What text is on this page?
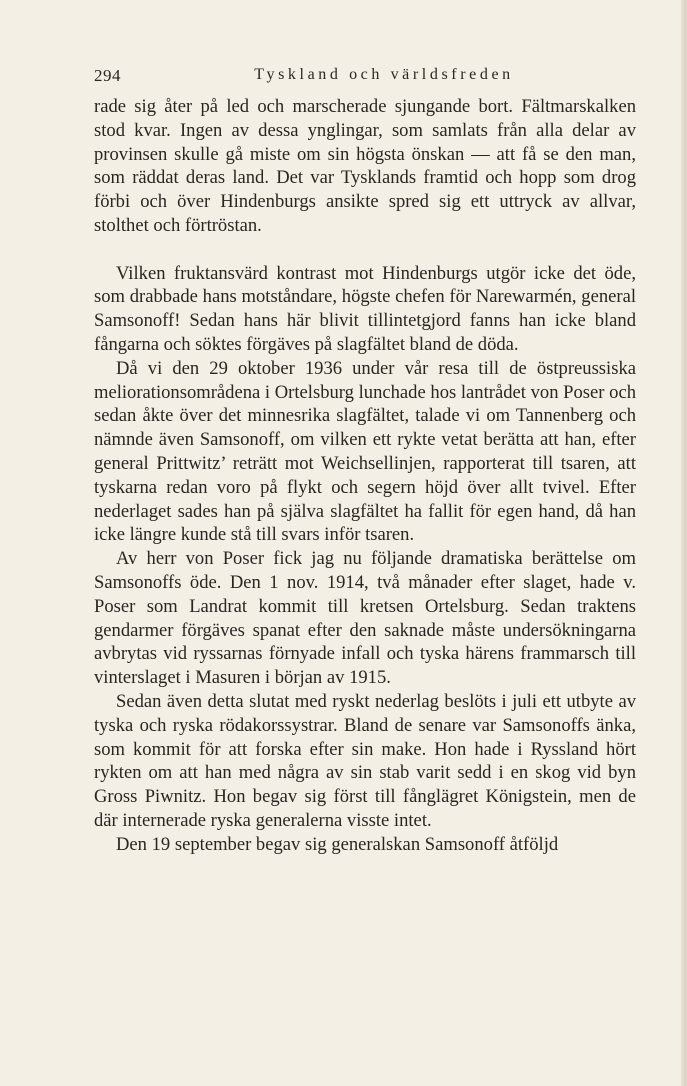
294	Tyskland och världsfreden

rade sig åter på led och marscherade sjungande bort. Fältmarskalken stod kvar. Ingen av dessa ynglingar, som samlats från alla delar av provinsen skulle gå miste om sin högsta önskan — att få se den man, som räddat deras land. Det var Tysklands framtid och hopp som drog förbi och över Hindenburgs ansikte spred sig ett uttryck av allvar, stolthet och förtröstan.

Vilken fruktansvärd kontrast mot Hindenburgs utgör icke det öde, som drabbade hans motståndare, högste chefen för Narewarmén, general Samsonoff! Sedan hans här blivit tillintetgjord fanns han icke bland fångarna och söktes förgäves på slagfältet bland de döda.

Då vi den 29 oktober 1936 under vår resa till de östpreussiska meliorationsområdena i Ortelsburg lunchade hos lantrådet von Poser och sedan åkte över det minnesrika slagfältet, talade vi om Tannenberg och nämnde även Samsonoff, om vilken ett rykte vetat berätta att han, efter general Prittwitz’ reträtt mot Weichsellinjen, rapporterat till tsaren, att tyskarna redan voro på flykt och segern höjd över allt tvivel. Efter nederlaget sades han på själva slagfältet ha fallit för egen hand, då han icke längre kunde stå till svars inför tsaren.

Av herr von Poser fick jag nu följande dramatiska berättelse om Samsonoffs öde. Den 1 nov. 1914, två månader efter slaget, hade v. Poser som Landrat kommit till kretsen Ortelsburg. Sedan traktens gendarmer förgäves spanat efter den saknade måste undersökningarna avbrytas vid ryssarnas förnyade infall och tyska härens frammarsch till vinterslaget i Masuren i början av 1915.

Sedan även detta slutat med ryskt nederlag beslöts i juli ett utbyte av tyska och ryska rödakorssystrar. Bland de senare var Samsonoffs änka, som kommit för att forska efter sin make. Hon hade i Ryssland hört rykten om att han med några av sin stab varit sedd i en skog vid byn Gross Piwnitz. Hon begav sig först till fånglägret Königstein, men de där internerade ryska generalerna visste intet.

Den 19 september begav sig generalskan Samsonoff åtföljd
